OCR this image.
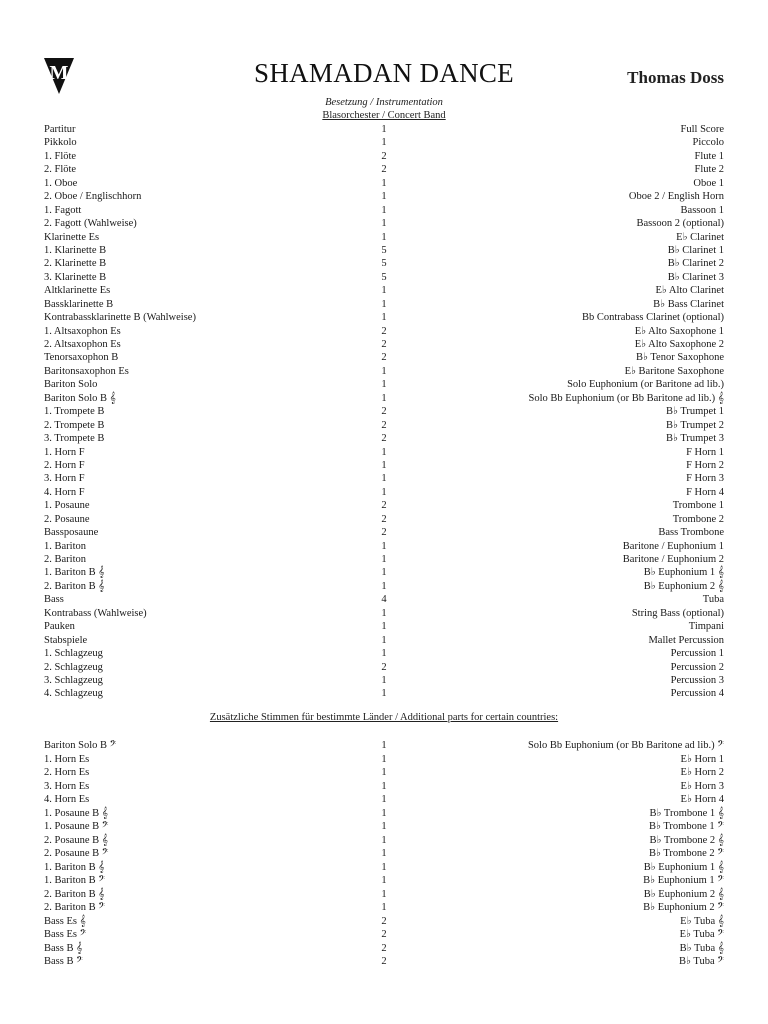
M	SHAMADAN DANCE	Thomas Doss
Besetzung / Instrumentation
Blasorchester / Concert Band
Partitur	1	Full Score
Pikkolo	1	Piccolo
1. Flöte	2	Flute 1
2. Flöte	2	Flute 2
1. Oboe	1	Oboe 1
2. Oboe / Englischhorn	1	Oboe 2 / English Horn
1. Fagott	1	Bassoon 1
2. Fagott (Wahlweise)	1	Bassoon 2 (optional)
Klarinette Es	1	E♭ Clarinet
1. Klarinette B	5	B♭ Clarinet 1
2. Klarinette B	5	B♭ Clarinet 2
3. Klarinette B	5	B♭ Clarinet 3
Altklarinette Es	1	E♭ Alto Clarinet
Bassklarinette B	1	B♭ Bass Clarinet
Kontrabassklarinette B (Wahlweise)	1	Bb Contrabass Clarinet (optional)
1. Altsaxophon Es	2	E♭ Alto Saxophone 1
2. Altsaxophon Es	2	E♭ Alto Saxophone 2
Tenorsaxophon B	2	B♭ Tenor Saxophone
Baritonsaxophon Es	1	E♭ Baritone Saxophone
Bariton Solo	1	Solo Euphonium (or Baritone ad lib.)
Bariton Solo B 𝄞	1	Solo Bb Euphonium (or Bb Baritone ad lib.) 𝄞
1. Trompete B	2	B♭ Trumpet 1
2. Trompete B	2	B♭ Trumpet 2
3. Trompete B	2	B♭ Trumpet 3
1. Horn F	1	F Horn 1
2. Horn F	1	F Horn 2
3. Horn F	1	F Horn 3
4. Horn F	1	F Horn 4
1. Posaune	2	Trombone 1
2. Posaune	2	Trombone 2
Bassposaune	2	Bass Trombone
1. Bariton	1	Baritone / Euphonium 1
2. Bariton	1	Baritone / Euphonium 2
1. Bariton B 𝄞	1	B♭ Euphonium 1 𝄞
2. Bariton B 𝄞	1	B♭ Euphonium 2 𝄞
Bass	4	Tuba
Kontrabass (Wahlweise)	1	String Bass (optional)
Pauken	1	Timpani
Stabspiele	1	Mallet Percussion
1. Schlagzeug	1	Percussion 1
2. Schlagzeug	2	Percussion 2
3. Schlagzeug	1	Percussion 3
4. Schlagzeug	1	Percussion 4
Zusätzliche Stimmen für bestimmte Länder / Additional parts for certain countries:
Bariton Solo B 𝄢	1	Solo Bb Euphonium (or Bb Baritone ad lib.) 𝄢
1. Horn Es	1	E♭ Horn 1
2. Horn Es	1	E♭ Horn 2
3. Horn Es	1	E♭ Horn 3
4. Horn Es	1	E♭ Horn 4
1. Posaune B 𝄞	1	B♭ Trombone 1 𝄞
1. Posaune B 𝄢	1	B♭ Trombone 1 𝄢
2. Posaune B 𝄞	1	B♭ Trombone 2 𝄞
2. Posaune B 𝄢	1	B♭ Trombone 2 𝄢
1. Bariton B 𝄞	1	B♭ Euphonium 1 𝄞
1. Bariton B 𝄢	1	B♭ Euphonium 1 𝄢
2. Bariton B 𝄞	1	B♭ Euphonium 2 𝄞
2. Bariton B 𝄢	1	B♭ Euphonium 2 𝄢
Bass Es 𝄞	2	E♭ Tuba 𝄞
Bass Es 𝄢	2	E♭ Tuba 𝄢
Bass B 𝄞	2	B♭ Tuba 𝄞
Bass B 𝄢	2	B♭ Tuba 𝄢
